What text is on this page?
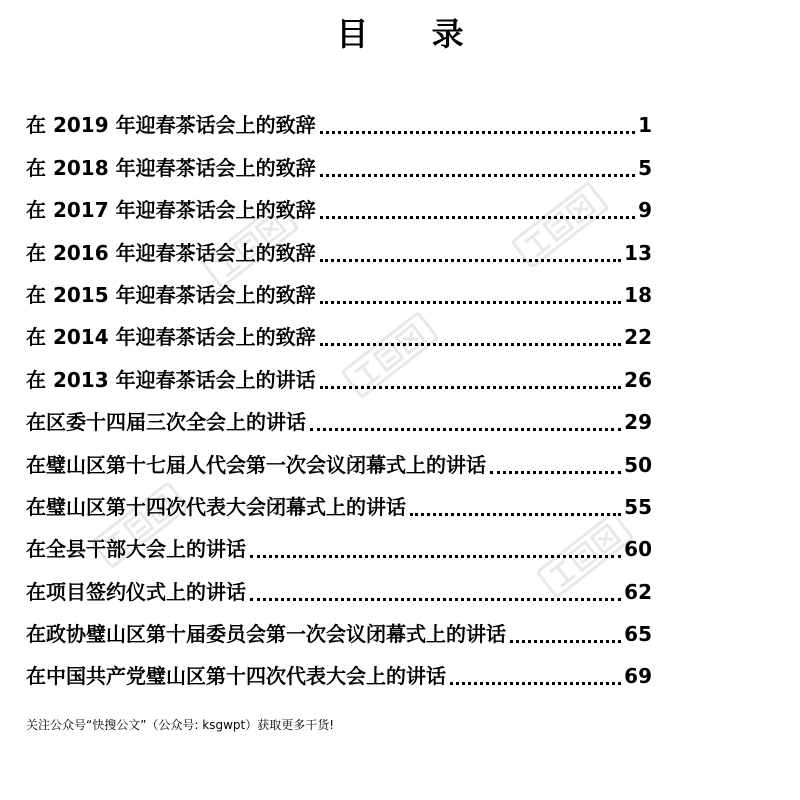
目 录
在 2019 年迎春茶话会上的致辞	1
在 2018 年迎春茶话会上的致辞	5
在 2017 年迎春茶话会上的致辞	9
在 2016 年迎春茶话会上的致辞	13
在 2015 年迎春茶话会上的致辞	18
在 2014 年迎春茶话会上的致辞	22
在 2013 年迎春茶话会上的讲话	26
在区委十四届三次全会上的讲话	29
在璧山区第十七届人代会第一次会议闭幕式上的讲话	50
在璧山区第十四次代表大会闭幕式上的讲话	55
在全县干部大会上的讲话	60
在项目签约仪式上的讲话	62
在政协璧山区第十届委员会第一次会议闭幕式上的讲话	65
在中国共产党璧山区第十四次代表大会上的讲话	69
关注公众号“快搜公文”（公众号: ksgwpt）获取更多干货!
